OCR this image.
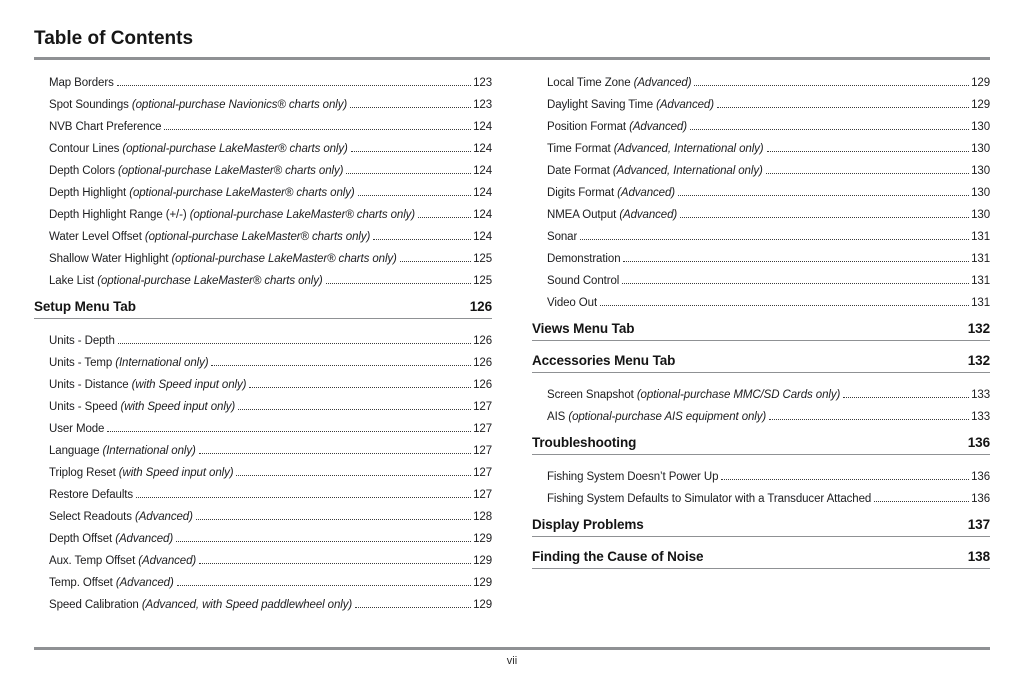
Table of Contents
Map Borders	123
Spot Soundings (optional-purchase Navionics® charts only)	123
NVB Chart Preference	124
Contour Lines (optional-purchase LakeMaster® charts only)	124
Depth Colors (optional-purchase LakeMaster® charts only)	124
Depth Highlight (optional-purchase LakeMaster® charts only)	124
Depth Highlight Range (+/-) (optional-purchase LakeMaster® charts only)	124
Water Level Offset (optional-purchase LakeMaster® charts only)	124
Shallow Water Highlight (optional-purchase LakeMaster® charts only)	125
Lake List (optional-purchase LakeMaster® charts only)	125
Setup Menu Tab	126
Units - Depth	126
Units - Temp (International only)	126
Units - Distance (with Speed input only)	126
Units - Speed (with Speed input only)	127
User Mode	127
Language (International only)	127
Triplog Reset (with Speed input only)	127
Restore Defaults	127
Select Readouts (Advanced)	128
Depth Offset (Advanced)	129
Aux. Temp Offset (Advanced)	129
Temp. Offset (Advanced)	129
Speed Calibration (Advanced, with Speed paddlewheel only)	129
Local Time Zone (Advanced)	129
Daylight Saving Time (Advanced)	129
Position Format (Advanced)	130
Time Format (Advanced, International only)	130
Date Format (Advanced, International only)	130
Digits Format (Advanced)	130
NMEA Output (Advanced)	130
Sonar	131
Demonstration	131
Sound Control	131
Video Out	131
Views Menu Tab	132
Accessories Menu Tab	132
Screen Snapshot (optional-purchase MMC/SD Cards only)	133
AIS (optional-purchase AIS equipment only)	133
Troubleshooting	136
Fishing System Doesn’t Power Up	136
Fishing System Defaults to Simulator with a Transducer Attached	136
Display Problems	137
Finding the Cause of Noise	138
vii
